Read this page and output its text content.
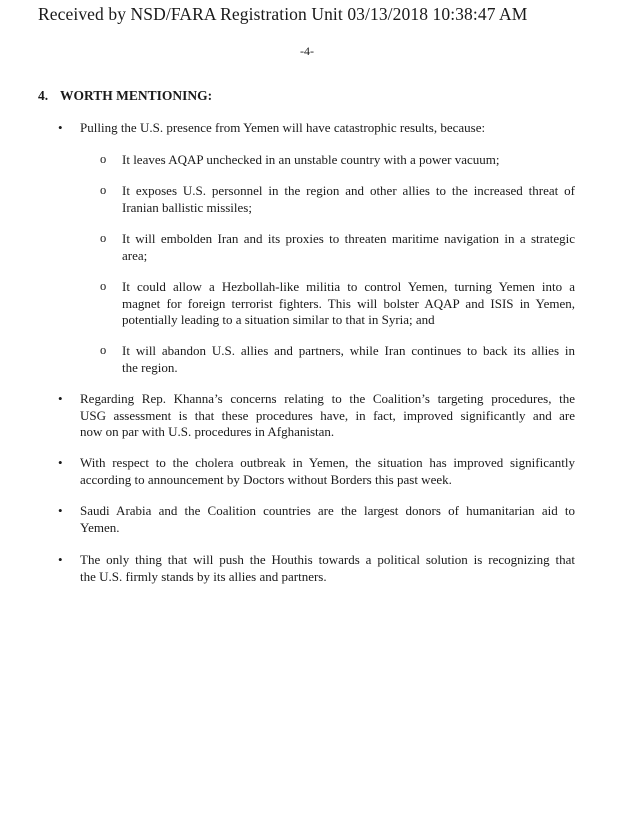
Received by NSD/FARA Registration Unit 03/13/2018 10:38:47 AM
-4-
4. WORTH MENTIONING:
• Pulling the U.S. presence from Yemen will have catastrophic results, because:
o It leaves AQAP unchecked in an unstable country with a power vacuum;
o It exposes U.S. personnel in the region and other allies to the increased threat of
Iranian ballistic missiles;
o It will embolden Iran and its proxies to threaten maritime navigation in a strategic
area;
o It could allow a Hezbollah-like militia to control Yemen, turning Yemen into a
magnet for foreign terrorist fighters. This will bolster AQAP and ISIS in Yemen,
potentially leading to a situation similar to that in Syria; and
o It will abandon U.S. allies and partners, while Iran continues to back its allies in
the region.
• Regarding Rep. Khanna’s concerns relating to the Coalition’s targeting procedures, the
USG assessment is that these procedures have, in fact, improved significantly and are
now on par with U.S. procedures in Afghanistan.
• With respect to the cholera outbreak in Yemen, the situation has improved significantly
according to announcement by Doctors without Borders this past week.
• Saudi Arabia and the Coalition countries are the largest donors of humanitarian aid to
Yemen.
• The only thing that will push the Houthis towards a political solution is recognizing that
the U.S. firmly stands by its allies and partners.
